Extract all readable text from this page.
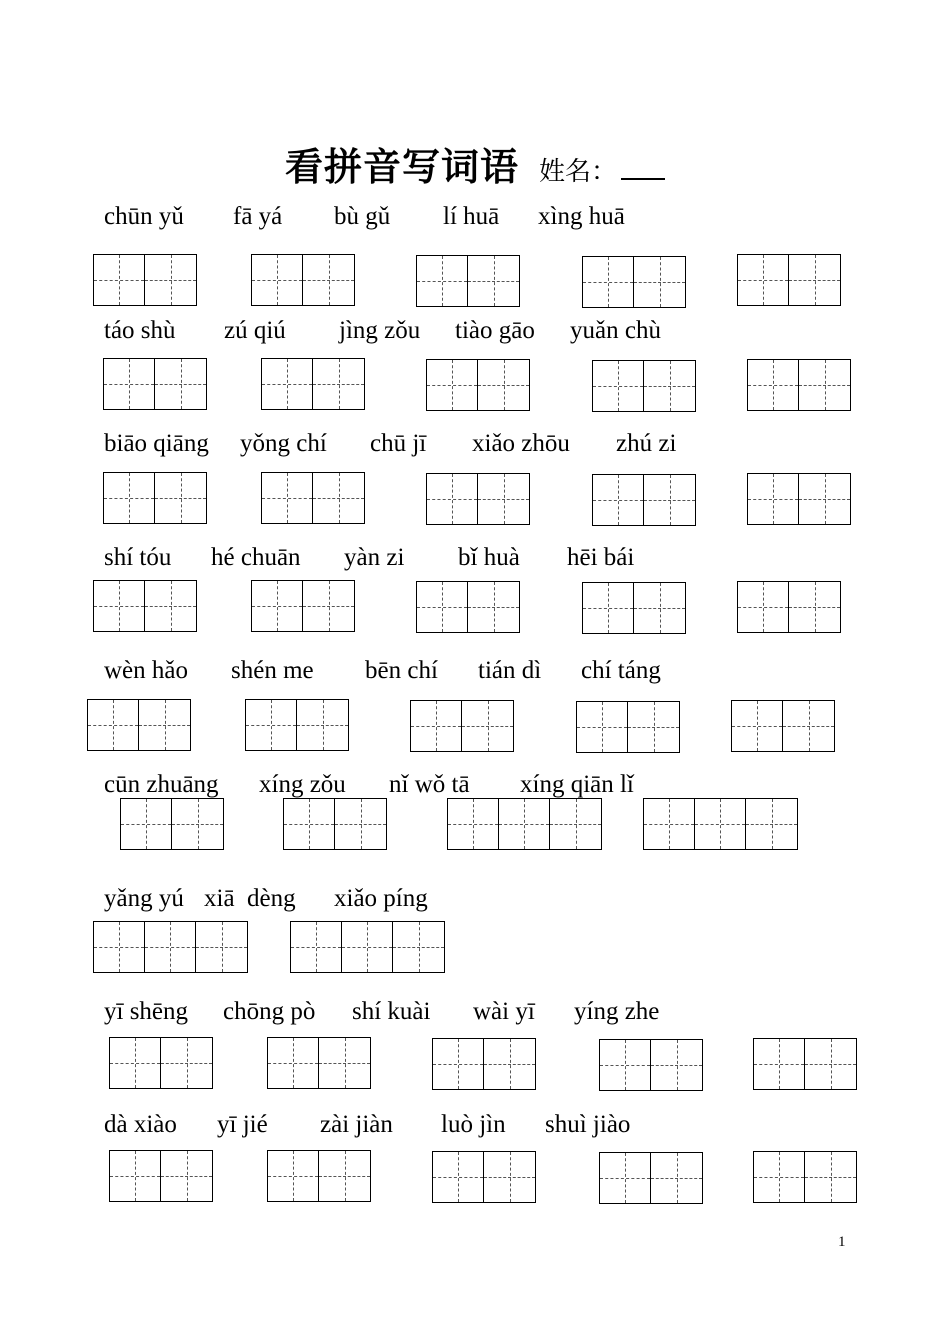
看拼音写词语 姓名：
chūn yǔ fā yá bù gǔ lí huā xìng huā
táo shù zú qiú jìng zǒu tiào gāo yuǎn chù
biāo qiāng yǒng chí chū jī xiǎo zhōu zhú zi
shí tóu hé chuān yàn zi bǐ huà hēi bái
wèn hǎo shén me bēn chí tián dì chí táng
cūn zhuāng xíng zǒu nǐ wǒ tā xíng qiān lǐ
yǎng yú xiā dèng xiǎo píng
yī shēng chōng pò shí kuài wài yī yíng zhe
dà xiào yī jié zài jiàn luò jìn shuì jiào
1
